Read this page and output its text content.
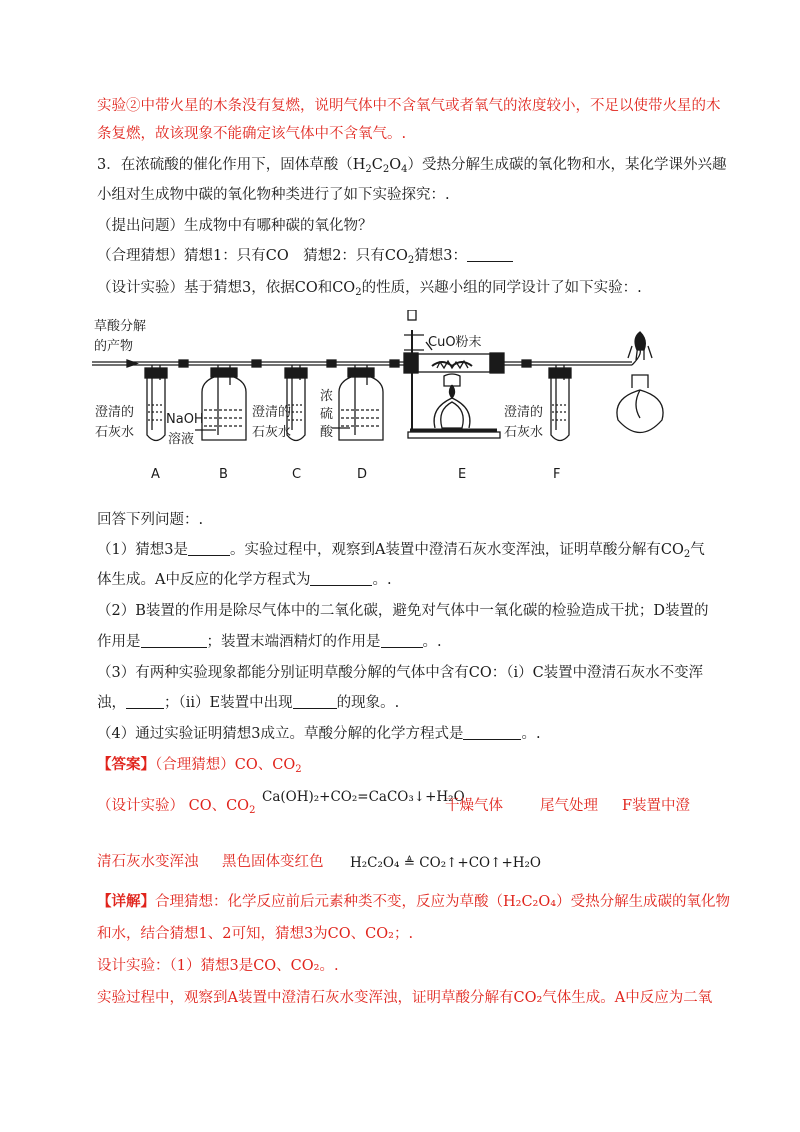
实验②中带火星的木条没有复燃，说明气体中不含氧气或者氧气的浓度较小，不足以使带火星的木
条复燃，故该现象不能确定该气体中不含氧气。.
3．在浓硫酸的催化作用下，固体草酸$(H_2C_2O_4)$受热分解生成碳的氧化物和水，某化学课外兴趣
小组对生成物中碳的氧化物种类进行了如下实验探究：.
（提出问题）生成物中有哪种碳的氧化物？
（合理猜想）猜想1：只有CO　猜想2：只有$CO_2$猜想3：
（设计实验）基于猜想3，依据CO和$CO_2$的性质，兴趣小组的同学设计了如下实验：.
草酸分解
的产物	CuO粉末
澄清的
石灰水
NaOH
溶液
澄清的
石灰水
浓
硫
酸
澄清的
石灰水
A	B	C	D	E	F
回答下列问题：.
（1）猜想3是	。实验过程中，观察到A装置中澄清石灰水变浑浊，证明草酸分解有$CO_2$气
体生成。A中反应的化学方程式为	。.
（2）B装置的作用是除尽气体中的二氧化碳，避免对气体中一氧化碳的检验造成干扰；D装置的
作用是	；装置末端酒精灯的作用是	。.
（3）有两种实验现象都能分别证明草酸分解的气体中含有CO：（i）C装置中澄清石灰水不变浑
浊，	；（ii）E装置中出现	的现象。.
（4）通过实验证明猜想3成立。草酸分解的化学方程式是	。.
【答案】（合理猜想）CO、$CO_2$
（设计实验） CO、$CO_2$
Ca(OH)₂+CO₂=CaCO₃↓+H₂O
干燥气体	尾气处理 F装置中澄
清石灰水变浑浊 黑色固体变红色 H₂C₂O₄ ≜ CO₂↑+CO↑+H₂O
【详解】合理猜想：化学反应前后元素种类不变，反应为草酸（H₂C₂O₄）受热分解生成碳的氧化物
和水，结合猜想1、2可知，猜想3为CO、CO₂；.
设计实验：（1）猜想3是CO、CO₂。.
实验过程中，观察到A装置中澄清石灰水变浑浊，证明草酸分解有CO₂气体生成。A中反应为二氧
